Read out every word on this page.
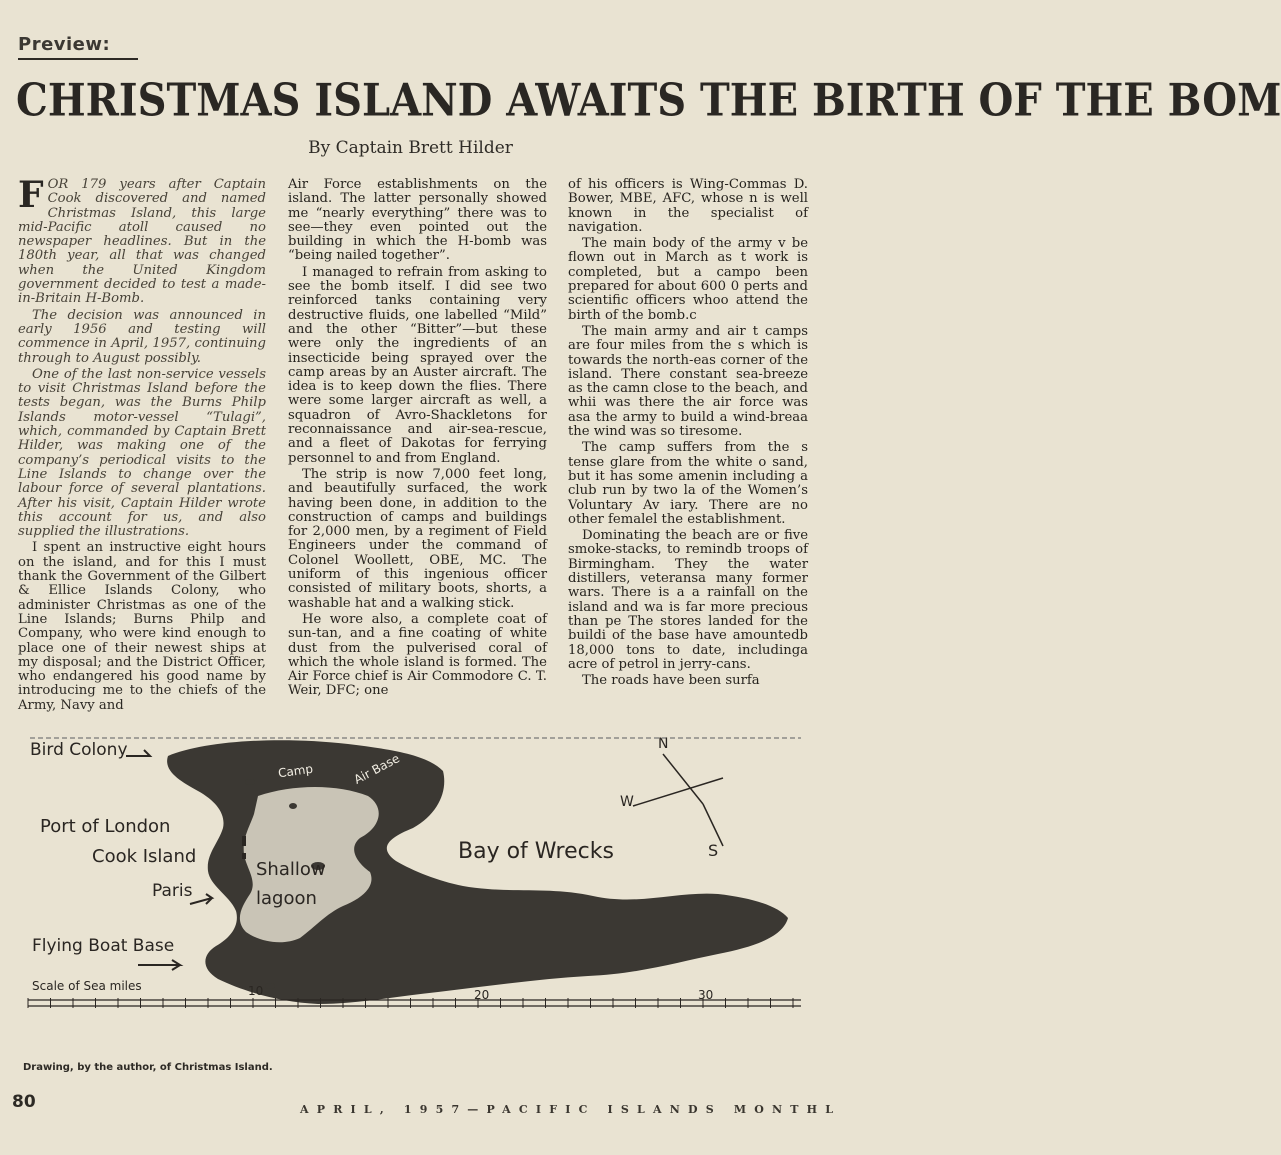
Preview:
CHRISTMAS ISLAND AWAITS THE BIRTH OF THE BOM
By Captain Brett Hilder

FOR 179 years after Captain Cook discovered and named Christmas Island, this large mid-Pacific atoll caused no newspaper headlines. But in the 180th year, all that was changed when the United Kingdom government decided to test a made-in-Britain H-Bomb.

The decision was announced in early 1956 and testing will commence in April, 1957, continuing through to August possibly.

One of the last non-service vessels to visit Christmas Island before the tests began, was the Burns Philp Islands motor-vessel “Tulagi”, which, commanded by Captain Brett Hilder, was making one of the company’s periodical visits to the Line Islands to change over the labour force of several plantations. After his visit, Captain Hilder wrote this account for us, and also supplied the illustrations.

I spent an instructive eight hours on the island, and for this I must thank the Government of the Gilbert & Ellice Islands Colony, who administer Christmas as one of the Line Islands; Burns Philp and Company, who were kind enough to place one of their newest ships at my disposal; and the District Officer, who endangered his good name by introducing me to the chiefs of the Army, Navy and

Air Force establishments on the island. The latter personally showed me “nearly everything” there was to see—they even pointed out the building in which the H-bomb was “being nailed together”.

I managed to refrain from asking to see the bomb itself. I did see two reinforced tanks containing very destructive fluids, one labelled “Mild” and the other “Bitter”—but these were only the ingredients of an insecticide being sprayed over the camp areas by an Auster aircraft. The idea is to keep down the flies. There were some larger aircraft as well, a squadron of Avro-Shackletons for reconnaissance and air-sea-rescue, and a fleet of Dakotas for ferrying personnel to and from England.

The strip is now 7,000 feet long, and beautifully surfaced, the work having been done, in addition to the construction of camps and buildings for 2,000 men, by a regiment of Field Engineers under the command of Colonel Woollett, OBE, MC. The uniform of this ingenious officer consisted of military boots, shorts, a washable hat and a walking stick.

He wore also, a complete coat of sun-tan, and a fine coating of white dust from the pulverised coral of which the whole island is formed. The Air Force chief is Air Commodore C. T. Weir, DFC; one

of his officers is Wing-Commas D. Bower, MBE, AFC, whose n is well known in the specialist of navigation.

The main body of the army v be flown out in March as t work is completed, but a campo been prepared for about 600 0 perts and scientific officers whoo attend the birth of the bomb.c

The main army and air t camps are four miles from the s which is towards the north-eas corner of the island. There constant sea-breeze as the camn close to the beach, and whii was there the air force was asa the army to build a wind-breaa the wind was so tiresome.

The camp suffers from the s tense glare from the white o sand, but it has some amenin including a club run by two la of the Women’s Voluntary Av iary. There are no other femalel the establishment.

Dominating the beach are or five smoke-stacks, to remindb troops of Birmingham. They the water distillers, veteransa many former wars. There is a a rainfall on the island and wa is far more precious than pe The stores landed for the buildi of the base have amountedb 18,000 tons to date, includinga acre of petrol in jerry-cans.

The roads have been surfa

Bird Colony
Camp	Air Base
Port of London
Cook Island
Paris
Shallow
lagoon
Bay of Wrecks
Flying Boat Base
Scale of Sea miles
N
W
S
10	20	30
Drawing, by the author, of Christmas Island.
80	APRIL, 1957—PACIFIC ISLANDS MONTHL
